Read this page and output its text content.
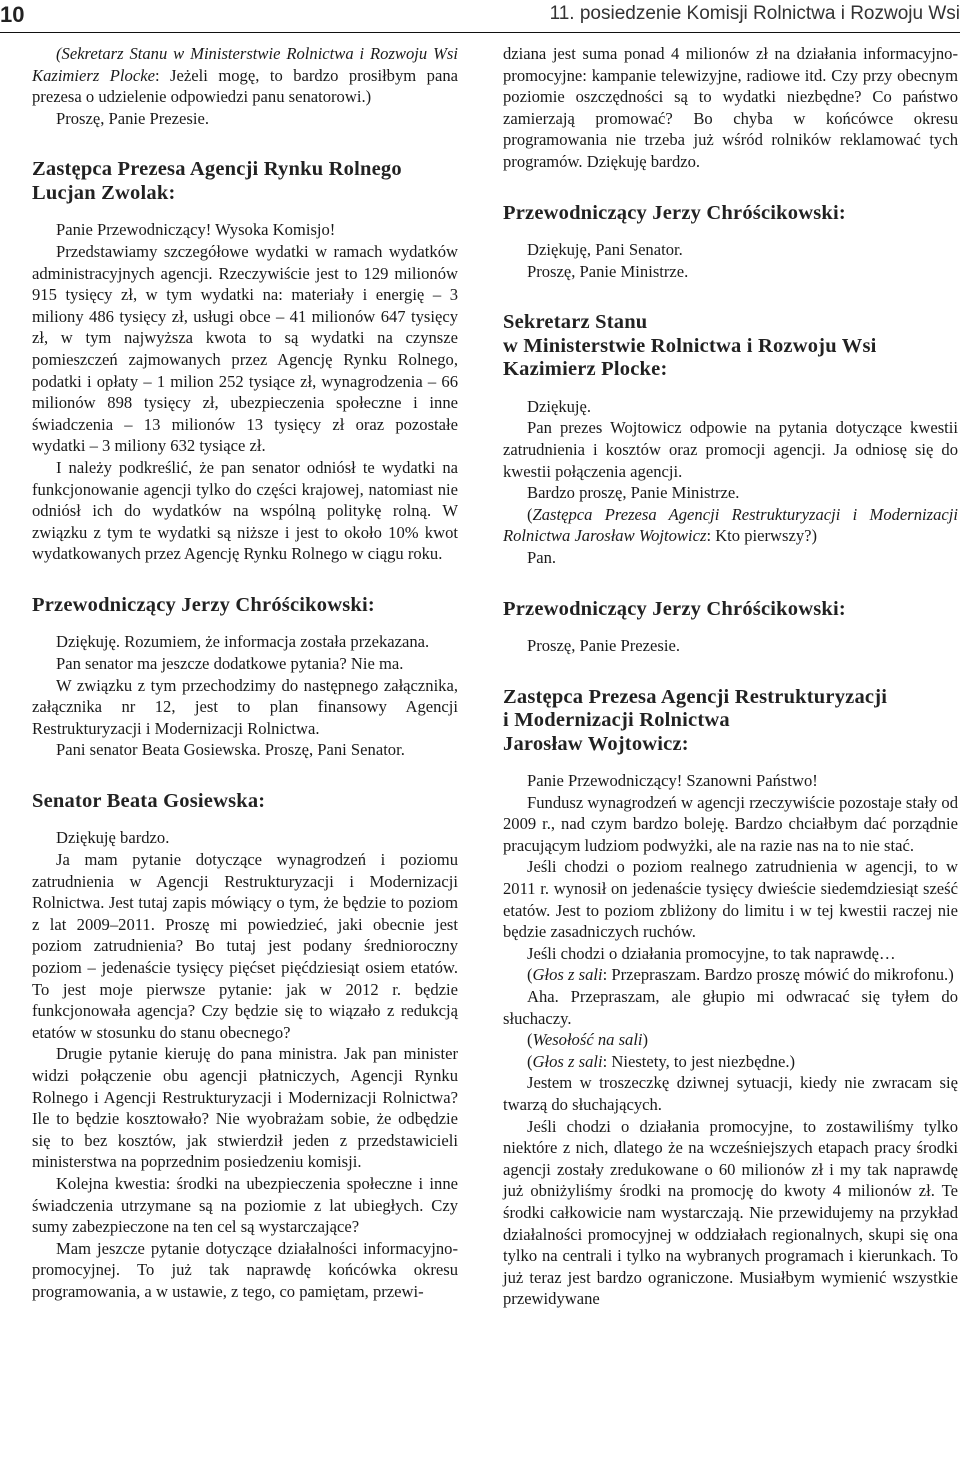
10	11. posiedzenie Komisji Rolnictwa i Rozwoju Wsi

(Sekretarz Stanu w Ministerstwie Rolnictwa i Rozwoju Wsi Kazimierz Plocke: Jeżeli mogę, to bardzo prosiłbym pana prezesa o udzielenie odpowiedzi panu senatorowi.)

Proszę, Panie Prezesie.

Zastępca Prezesa Agencji Rynku Rolnego
Lucjan Zwolak:

Panie Przewodniczący! Wysoka Komisjo!

Przedstawiamy szczegółowe wydatki w ramach wydatków administracyjnych agencji. Rzeczywiście jest to 129 milionów 915 tysięcy zł, w tym wydatki na: materiały i energię – 3 miliony 486 tysięcy zł, usługi obce – 41 milionów 647 tysięcy zł, w tym najwyższa kwota to są wydatki na czynsze pomieszczeń zajmowanych przez Agencję Rynku Rolnego, podatki i opłaty – 1 milion 252 tysiące zł, wynagrodzenia – 66 milionów 898 tysięcy zł, ubezpieczenia społeczne i inne świadczenia – 13 milionów 13 tysięcy zł oraz pozostałe wydatki – 3 miliony 632 tysiące zł.

I należy podkreślić, że pan senator odniósł te wydatki na funkcjonowanie agencji tylko do części krajowej, natomiast nie odniósł ich do wydatków na wspólną politykę rolną. W związku z tym te wydatki są niższe i jest to około 10% kwot wydatkowanych przez Agencję Rynku Rolnego w ciągu roku.

Przewodniczący Jerzy Chróścikowski:

Dziękuję. Rozumiem, że informacja została przekazana.

Pan senator ma jeszcze dodatkowe pytania? Nie ma.

W związku z tym przechodzimy do następnego załącznika, załącznika nr 12, jest to plan finansowy Agencji Restrukturyzacji i Modernizacji Rolnictwa.

Pani senator Beata Gosiewska. Proszę, Pani Senator.

Senator Beata Gosiewska:

Dziękuję bardzo.

Ja mam pytanie dotyczące wynagrodzeń i poziomu zatrudnienia w Agencji Restrukturyzacji i Modernizacji Rolnictwa. Jest tutaj zapis mówiący o tym, że będzie to poziom z lat 2009–2011. Proszę mi powiedzieć, jaki obecnie jest poziom zatrudnienia? Bo tutaj jest podany średnioroczny poziom – jedenaście tysięcy pięćset pięćdziesiąt osiem etatów. To jest moje pierwsze pytanie: jak w 2012 r. będzie funkcjonowała agencja? Czy będzie się to wiązało z redukcją etatów w stosunku do stanu obecnego?

Drugie pytanie kieruję do pana ministra. Jak pan minister widzi połączenie obu agencji płatniczych, Agencji Rynku Rolnego i Agencji Restrukturyzacji i Modernizacji Rolnictwa? Ile to będzie kosztowało? Nie wyobrażam sobie, że odbędzie się to bez kosztów, jak stwierdził jeden z przedstawicieli ministerstwa na poprzednim posiedzeniu komisji.

Kolejna kwestia: środki na ubezpieczenia społeczne i inne świadczenia utrzymane są na poziomie z lat ubiegłych. Czy sumy zabezpieczone na ten cel są wystarczające?

Mam jeszcze pytanie dotyczące działalności informacyjno-promocyjnej. To już tak naprawdę końcówka okresu programowania, a w ustawie, z tego, co pamiętam, przewi-

dziana jest suma ponad 4 milionów zł na działania informacyjno-promocyjne: kampanie telewizyjne, radiowe itd. Czy przy obecnym poziomie oszczędności są to wydatki niezbędne? Co państwo zamierzają promować? Bo chyba w końcówce okresu programowania nie trzeba już wśród rolników reklamować tych programów. Dziękuję bardzo.

Przewodniczący Jerzy Chróścikowski:

Dziękuję, Pani Senator.

Proszę, Panie Ministrze.

Sekretarz Stanu
w Ministerstwie Rolnictwa i Rozwoju Wsi
Kazimierz Plocke:

Dziękuję.

Pan prezes Wojtowicz odpowie na pytania dotyczące kwestii zatrudnienia i kosztów oraz promocji agencji. Ja odniosę się do kwestii połączenia agencji.

Bardzo proszę, Panie Ministrze.

(Zastępca Prezesa Agencji Restrukturyzacji i Modernizacji Rolnictwa Jarosław Wojtowicz: Kto pierwszy?)

Pan.

Przewodniczący Jerzy Chróścikowski:

Proszę, Panie Prezesie.

Zastępca Prezesa Agencji Restrukturyzacji
i Modernizacji Rolnictwa
Jarosław Wojtowicz:

Panie Przewodniczący! Szanowni Państwo!

Fundusz wynagrodzeń w agencji rzeczywiście pozostaje stały od 2009 r., nad czym bardzo boleję. Bardzo chciałbym dać porządnie pracującym ludziom podwyżki, ale na razie nas na to nie stać.

Jeśli chodzi o poziom realnego zatrudnienia w agencji, to w 2011 r. wynosił on jedenaście tysięcy dwieście siedemdziesiąt sześć etatów. Jest to poziom zbliżony do limitu i w tej kwestii raczej nie będzie zasadniczych ruchów.

Jeśli chodzi o działania promocyjne, to tak naprawdę…

(Głos z sali: Przepraszam. Bardzo proszę mówić do mikrofonu.)

Aha. Przepraszam, ale głupio mi odwracać się tyłem do słuchaczy.

(Wesołość na sali)

(Głos z sali: Niestety, to jest niezbędne.)

Jestem w troszeczkę dziwnej sytuacji, kiedy nie zwracam się twarzą do słuchających.

Jeśli chodzi o działania promocyjne, to zostawiliśmy tylko niektóre z nich, dlatego że na wcześniejszych etapach pracy środki agencji zostały zredukowane o 60 milionów zł i my tak naprawdę już obniżyliśmy środki na promocję do kwoty 4 milionów zł. Te środki całkowicie nam wystarczają. Nie przewidujemy na przykład działalności promocyjnej w oddziałach regionalnych, skupi się ona tylko na centrali i tylko na wybranych programach i kierunkach. To już teraz jest bardzo ograniczone. Musiałbym wymienić wszystkie przewidywane
